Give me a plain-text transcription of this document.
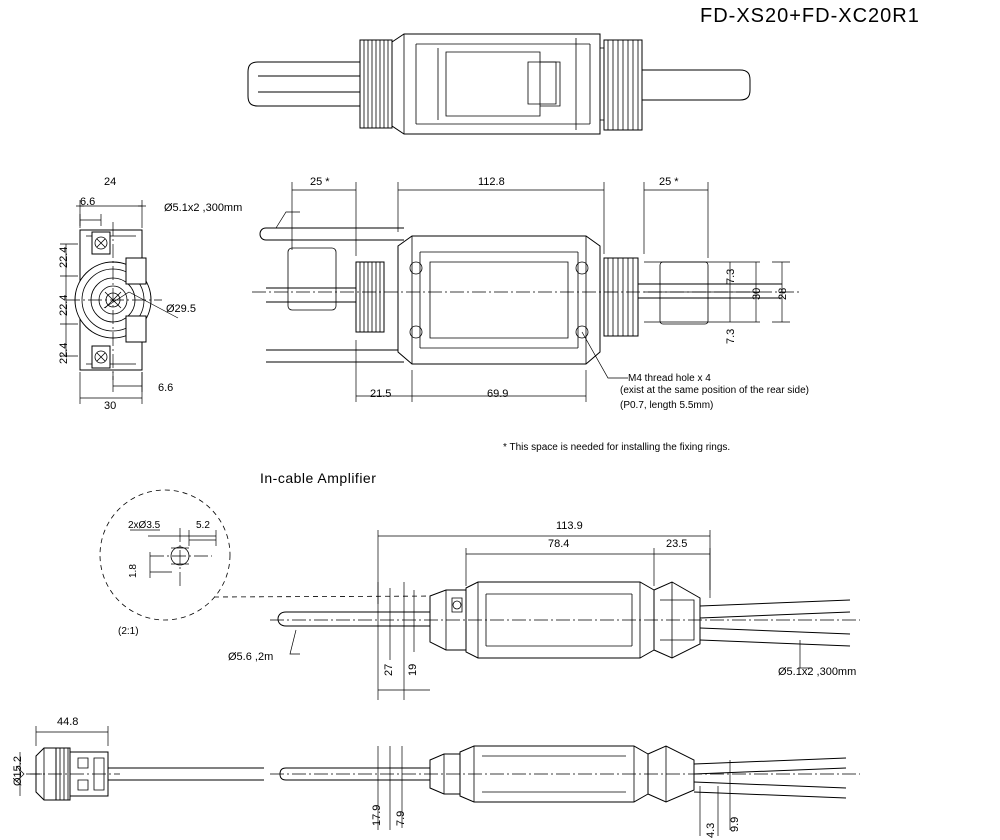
FD-XS20+FD-XC20R1
24
6.6
22.4
22.4
22.4
Ø29.5
30
6.6
Ø5.1x2 ,300mm
25 *	112.8	25 *
21.5	69.9
7.3
30
7.3
28
M4 thread hole x 4
(exist at the same position of the rear side)
(P0.7, length 5.5mm)
* This space is needed for installing the fixing rings.
In-cable Amplifier
2xØ3.5	5.2
1.8
(2:1)
113.9
78.4	23.5
27 19
Ø5.6 ,2m
Ø5.1x2 ,300mm
44.8
Ø15.2
17.9 7.9
4.3 9.9
